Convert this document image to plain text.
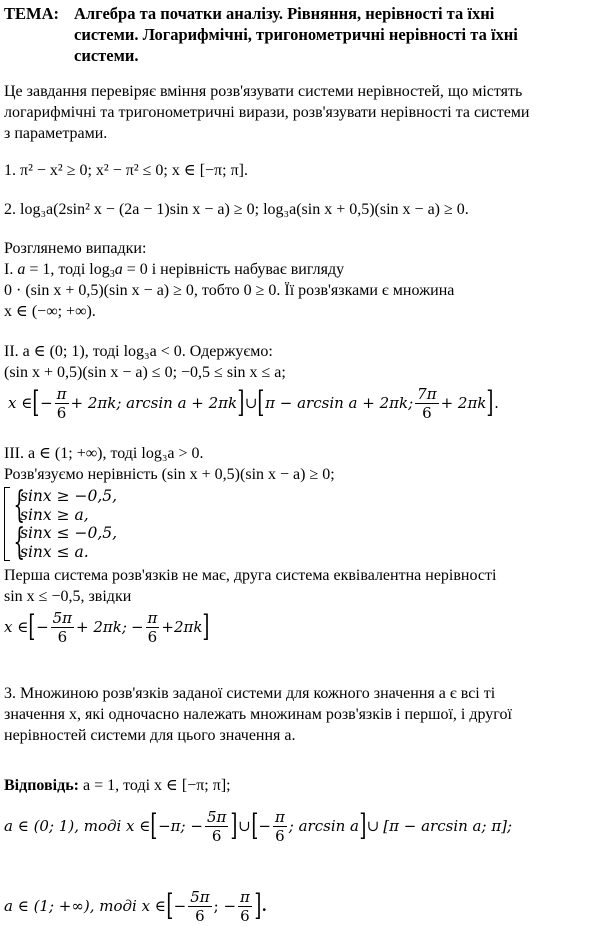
ТЕМА: Алгебра та початки аналізу. Рівняння, нерівності та їхні
системи. Логарифмічні, тригонометричні нерівності та їхні
системи.
Це завдання перевіряє вміння розв'язувати системи нерівностей, що містять
логарифмічні та тригонометричні вирази, розв'язувати нерівності та системи
з параметрами.
1. π² − x² ≥ 0; x² − π² ≤ 0; x ∈ [−π; π].
2. log₃a(2sin² x − (2a − 1)sin x − a) ≥ 0; log₃a(sin x + 0,5)(sin x − a) ≥ 0.
Розглянемо випадки:
I. a = 1, тоді $\log_3a = 0$ і нерівність набуває вигляду
0 · (sin x + 0,5)(sin x − a) ≥ 0, тобто 0 ≥ 0. Її розв'язками є множина
x ∈ (−∞; +∞).
II. a ∈ (0; 1), тоді log₃a < 0. Одержуємо:
(sin x + 0,5)(sin x − a) ≤ 0; −0,5 ≤ sin x ≤ a;
x ∈ [ − $\frac{\pi}{6} + 2\pi k$; arcsin a + 2πk ] ∪ [ π − arcsin a + 2πk; $\frac{7\pi}{6} + 2\pi k$ ] .
III. a ∈ (1; +∞), тоді log₃a > 0.
Розв'язуємо нерівність (sin x + 0,5)(sin x − a) ≥ 0;
{
sinx ≥ −0,5,
sinx ≥ a,
{
sinx ≤ −0,5,
sinx ≤ a.
Перша система розв'язків не має, друга система еквівалентна нерівності
sin x ≤ −0,5, звідки
x ∈ [ − $\frac{5\pi}{6} + 2\pi k$; − $\frac{\pi}{6} +2\pi k$ ]
3. Множиною розв'язків заданої системи для кожного значення a є всі ті
значення x, які одночасно належать множинам розв'язків і першої, і другої
нерівностей системи для цього значення a.
Відповідь: a = 1, тоді x ∈ [−π; π];
a ∈ (0; 1), тоді x ∈ [ −π; − $\frac{5\pi}{6}$ ] ∪ [ − $\frac{\pi}{6}$ ; arcsin a ] ∪ [π − arcsin a; π];
a ∈ (1; +∞), тоді x ∈ [ − $\frac{5\pi}{6}$ ; − $\frac{\pi}{6}$ ] .
